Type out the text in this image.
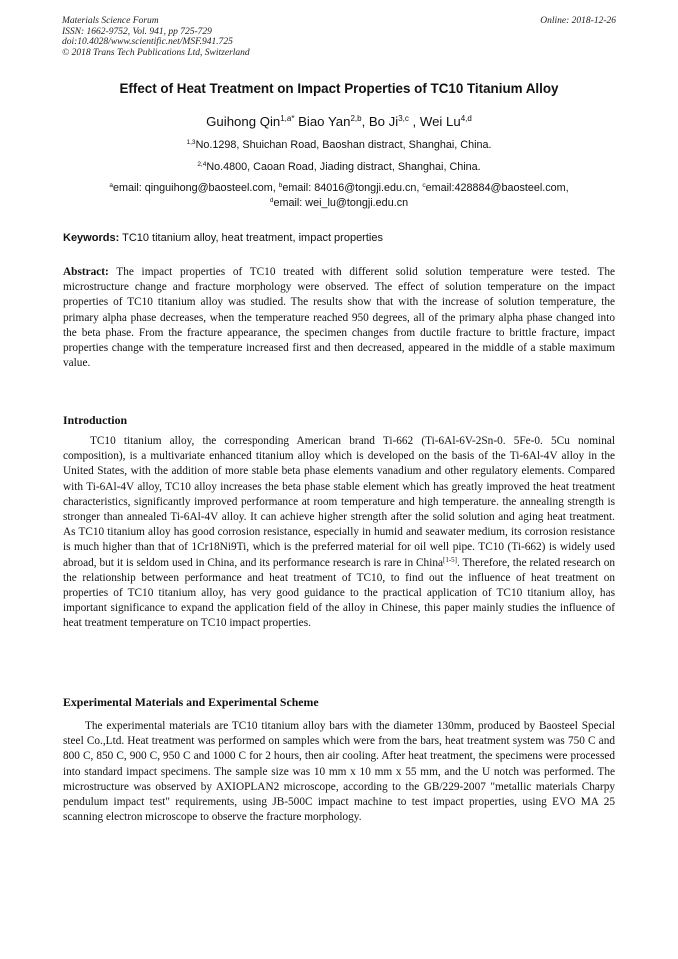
Materials Science Forum
ISSN: 1662-9752, Vol. 941, pp 725-729
doi:10.4028/www.scientific.net/MSF.941.725
© 2018 Trans Tech Publications Ltd, Switzerland
Online: 2018-12-26
Effect of Heat Treatment on Impact Properties of TC10 Titanium Alloy
Guihong Qin$^{1,a*}$ Biao Yan$^{2,b}$, Bo Ji$^{3,c}$ , Wei Lu$^{4,d}$
$^{1,3}$No.1298, Shuichan Road, Baoshan distract, Shanghai, China.
$^{2,4}$No.4800, Caoan Road, Jiading distract, Shanghai, China.
$^a$email: qinguihong@baosteel.com, $^b$email: 84016@tongji.edu.cn, $^c$email:428884@baosteel.com,
$^d$email: wei_lu@tongji.edu.cn
Keywords: TC10 titanium alloy, heat treatment, impact properties
Abstract: The impact properties of TC10 treated with different solid solution temperature were tested. The microstructure change and fracture morphology were observed. The effect of solution temperature on the impact properties of TC10 titanium alloy was studied. The results show that with the increase of solution temperature, the primary alpha phase decreases, when the temperature reached 950 degrees, all of the primary alpha phase changed into the beta phase. From the fracture appearance, the specimen changes from ductile fracture to brittle fracture, impact properties change with the temperature increased first and then decreased, appeared in the middle of a stable maximum value.
Introduction
TC10 titanium alloy, the corresponding American brand Ti-662 (Ti-6Al-6V-2Sn-0. 5Fe-0. 5Cu nominal composition), is a multivariate enhanced titanium alloy which is developed on the basis of the Ti-6Al-4V alloy in the United States, with the addition of more stable beta phase elements vanadium and other regulatory elements. Compared with Ti-6Al-4V alloy, TC10 alloy increases the beta phase stable element which has greatly improved the heat treatment characteristics, significantly improved performance at room temperature and high temperature. the annealing strength is stronger than annealed Ti-6Al-4V alloy. It can achieve higher strength after the solid solution and aging heat treatment. As TC10 titanium alloy has good corrosion resistance, especially in humid and seawater medium, its corrosion resistance is much higher than that of 1Cr18Ni9Ti, which is the preferred material for oil well pipe. TC10 (Ti-662) is widely used abroad, but it is seldom used in China, and its performance research is rare in China[1-5]. Therefore, the related research on the relationship between performance and heat treatment of TC10, to find out the influence of heat treatment on properties of TC10 titanium alloy, has very good guidance to the practical application of TC10 titanium alloy, has important significance to expand the application field of the alloy in Chinese, this paper mainly studies the influence of heat treatment temperature on TC10 impact properties.
Experimental Materials and Experimental Scheme
The experimental materials are TC10 titanium alloy bars with the diameter 130mm, produced by Baosteel Special steel Co.,Ltd. Heat treatment was performed on samples which were from the bars, heat treatment system was 750 C and 800 C, 850 C, 900 C, 950 C and 1000 C for 2 hours, then air cooling. After heat treatment, the specimens were processed into standard impact specimens. The sample size was 10 mm x 10 mm x 55 mm, and the U notch was performed. The microstructure was observed by AXIOPLAN2 microscope, according to the GB/229-2007 "metallic materials Charpy pendulum impact test" requirements, using JB-500C impact machine to test impact properties, using EVO MA 25 scanning electron microscope to observe the fracture morphology.
